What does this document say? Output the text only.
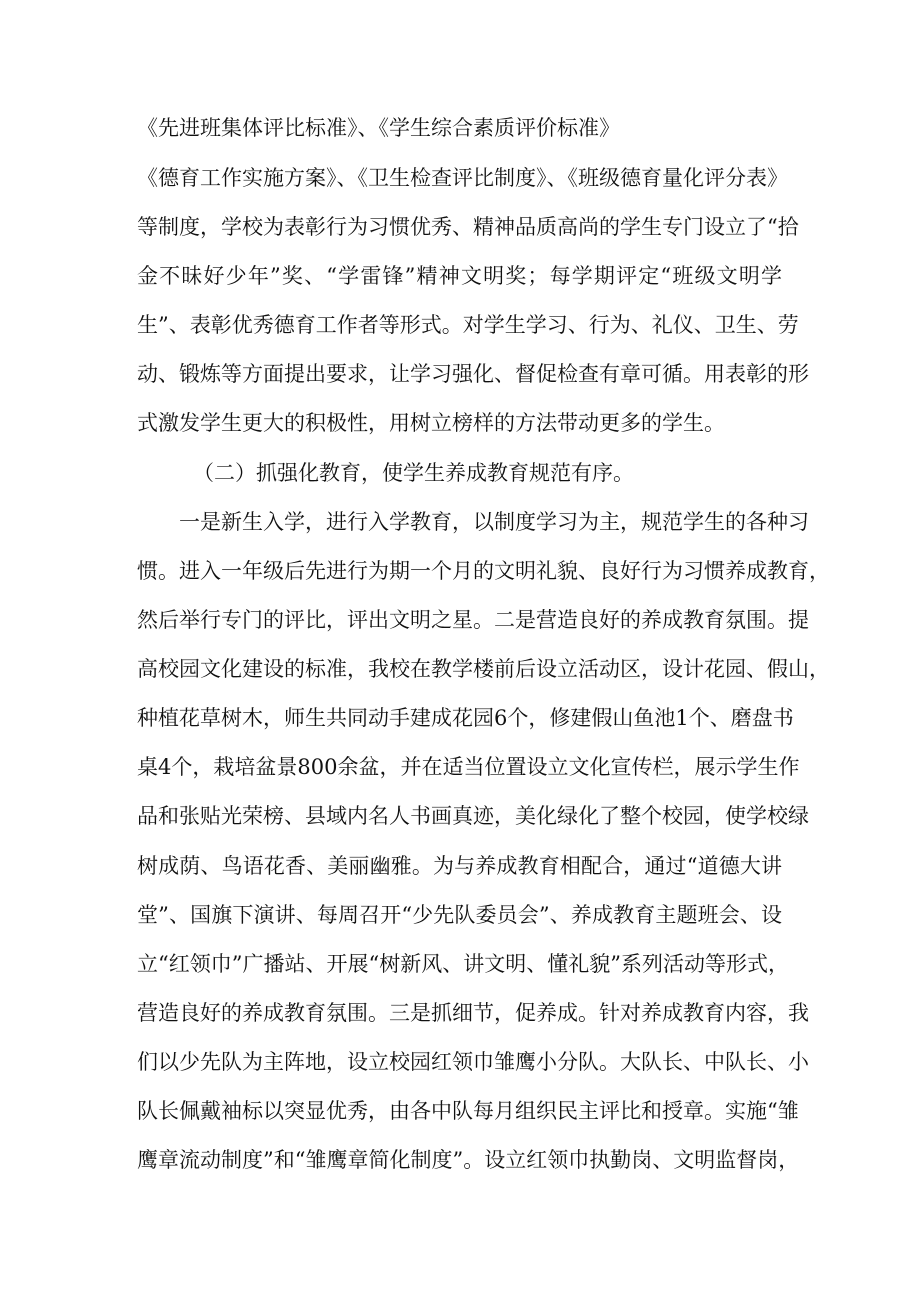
《先进班集体评比标准》、《学生综合素质评价标准》
《德育工作实施方案》、《卫生检查评比制度》、《班级德育量化评分表》
等制度，学校为表彰行为习惯优秀、精神品质高尚的学生专门设立了“拾
金不昧好少年”奖、“学雷锋”精神文明奖；每学期评定“班级文明学
生”、表彰优秀德育工作者等形式。对学生学习、行为、礼仪、卫生、劳
动、锻炼等方面提出要求，让学习强化、督促检查有章可循。用表彰的形
式激发学生更大的积极性，用树立榜样的方法带动更多的学生。
（二）抓强化教育，使学生养成教育规范有序。
一是新生入学，进行入学教育，以制度学习为主，规范学生的各种习
惯。进入一年级后先进行为期一个月的文明礼貌、良好行为习惯养成教育，
然后举行专门的评比，评出文明之星。二是营造良好的养成教育氛围。提
高校园文化建设的标准，我校在教学楼前后设立活动区，设计花园、假山，
种植花草树木，师生共同动手建成花园6个，修建假山鱼池1个、磨盘书
桌4个，栽培盆景800余盆，并在适当位置设立文化宣传栏，展示学生作
品和张贴光荣榜、县域内名人书画真迹，美化绿化了整个校园，使学校绿
树成荫、鸟语花香、美丽幽雅。为与养成教育相配合，通过“道德大讲
堂”、国旗下演讲、每周召开“少先队委员会”、养成教育主题班会、设
立“红领巾”广播站、开展“树新风、讲文明、懂礼貌”系列活动等形式，
营造良好的养成教育氛围。三是抓细节，促养成。针对养成教育内容，我
们以少先队为主阵地，设立校园红领巾雏鹰小分队。大队长、中队长、小
队长佩戴袖标以突显优秀，由各中队每月组织民主评比和授章。实施“雏
鹰章流动制度”和“雏鹰章简化制度”。设立红领巾执勤岗、文明监督岗，
